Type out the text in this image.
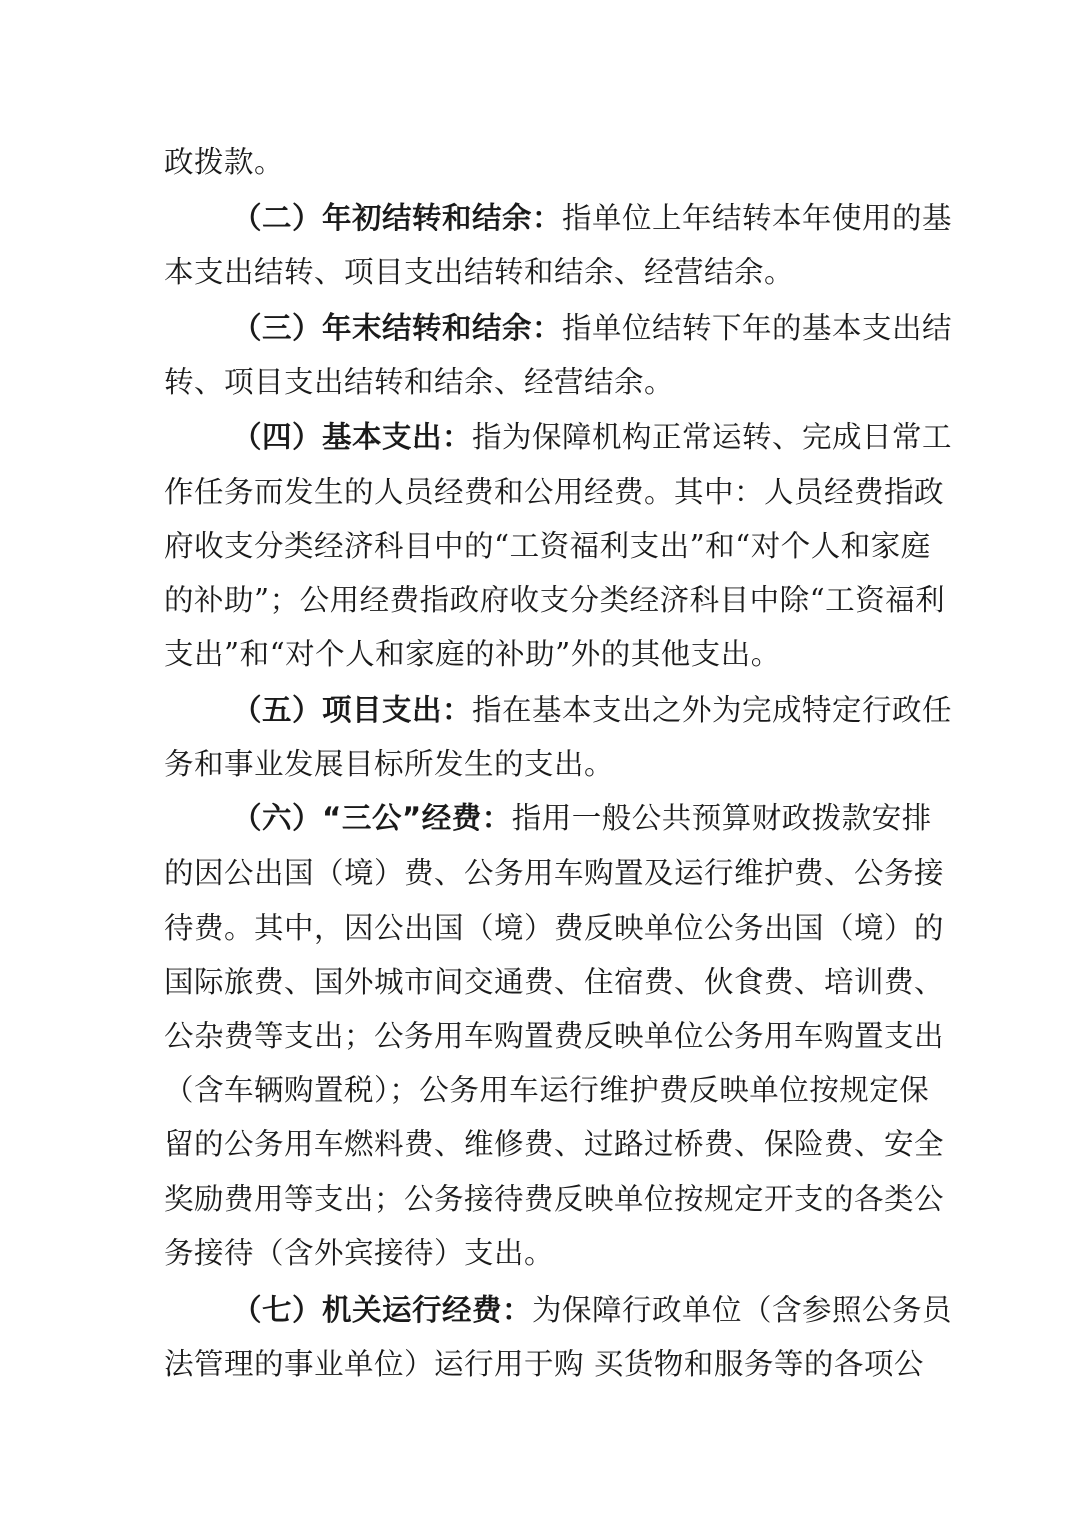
政拨款。

（二）年初结转和结余：指单位上年结转本年使用的基

本支出结转、项目支出结转和结余、经营结余。

（三）年末结转和结余：指单位结转下年的基本支出结

转、项目支出结转和结余、经营结余。

（四）基本支出：指为保障机构正常运转、完成日常工

作任务而发生的人员经费和公用经费。其中：人员经费指政

府收支分类经济科目中的“工资福利支出”和“对个人和家庭

的补助”；公用经费指政府收支分类经济科目中除“工资福利

支出”和“对个人和家庭的补助”外的其他支出。

（五）项目支出：指在基本支出之外为完成特定行政任

务和事业发展目标所发生的支出。

（六）“三公”经费：指用一般公共预算财政拨款安排

的因公出国（境）费、公务用车购置及运行维护费、公务接

待费。其中，因公出国（境）费反映单位公务出国（境）的

国际旅费、国外城市间交通费、住宿费、伙食费、培训费、

公杂费等支出；公务用车购置费反映单位公务用车购置支出

（含车辆购置税）；公务用车运行维护费反映单位按规定保

留的公务用车燃料费、维修费、过路过桥费、保险费、安全

奖励费用等支出；公务接待费反映单位按规定开支的各类公

务接待（含外宾接待）支出。

（七）机关运行经费：为保障行政单位（含参照公务员

法管理的事业单位）运行用于购 买货物和服务等的各项公
